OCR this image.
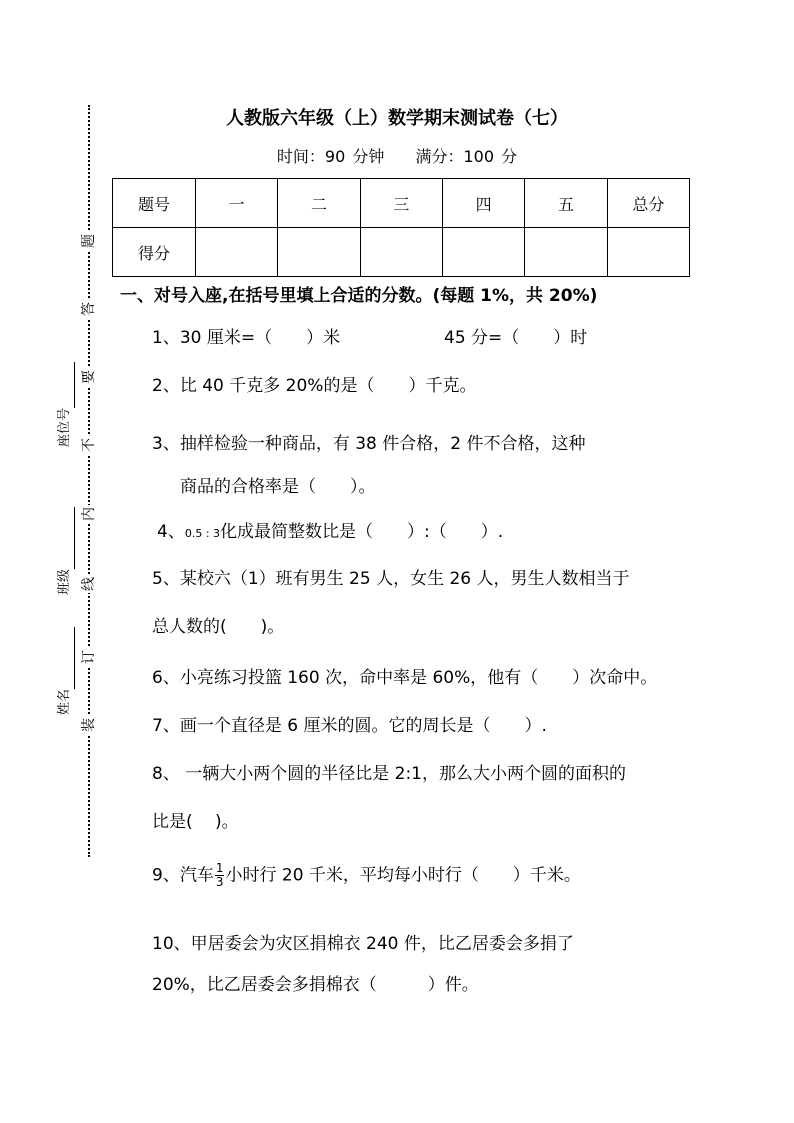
题
答
要
不
内
线
订
装
座位号
班级
姓名
人教版六年级（上）数学期末测试卷（七）
时间：90 分钟 满分：100 分
题号	一	二	三	四	五	总分
得分						
一、对号入座,在括号里填上合适的分数。(每题 1%，共 20%)
1、30 厘米=（　　）米	45 分=（　　）时
2、比 40 千克多 20%的是（　　）千克。
3、抽样检验一种商品，有 38 件合格，2 件不合格，这种
商品的合格率是（　　）。
4、0.5 : 3化成最简整数比是（　　）:（　　）.
5、某校六（1）班有男生 25 人，女生 26 人，男生人数相当于
总人数的(　　)。
6、小亮练习投篮 160 次，命中率是 60%，他有（　　）次命中。
7、画一个直径是 6 厘米的圆。它的周长是（　　）.
8、 一辆大小两个圆的半径比是 2:1，那么大小两个圆的面积的
比是(　 )。
9、汽车 $\frac{1}{3}$ 小时行 20 千米，平均每小时行（　　）千米。
10、甲居委会为灾区捐棉衣 240 件，比乙居委会多捐了
20%，比乙居委会多捐棉衣（　　　）件。
